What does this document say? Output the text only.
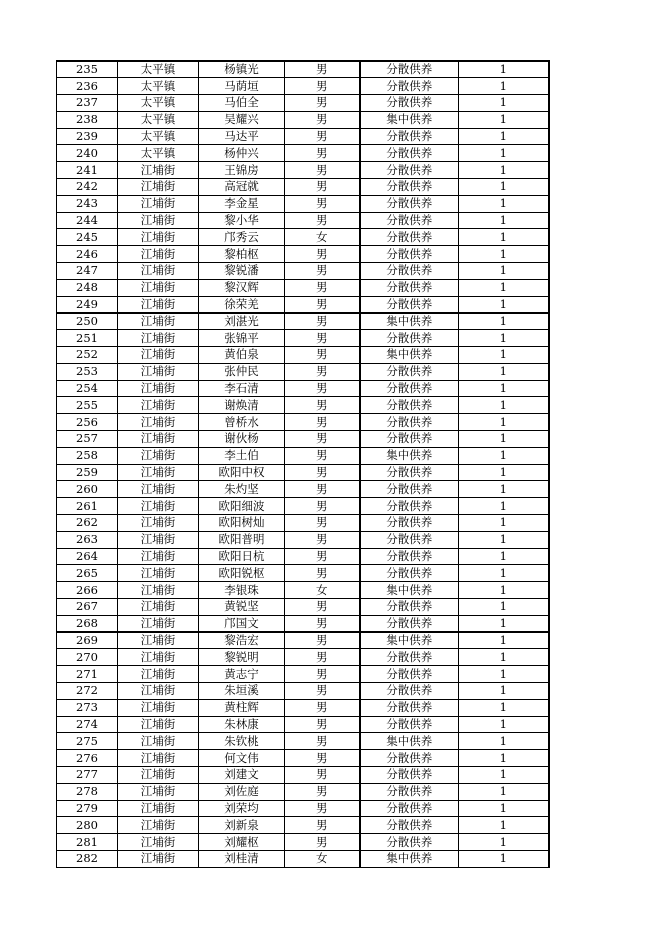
235	太平镇	杨镇光	男	分散供养	1
236	太平镇	马荫垣	男	分散供养	1
237	太平镇	马伯全	男	分散供养	1
238	太平镇	吴耀兴	男	集中供养	1
239	太平镇	马达平	男	分散供养	1
240	太平镇	杨仲兴	男	分散供养	1
241	江埔街	王锦房	男	分散供养	1
242	江埔街	高冠就	男	分散供养	1
243	江埔街	李金星	男	分散供养	1
244	江埔街	黎小华	男	分散供养	1
245	江埔街	邝秀云	女	分散供养	1
246	江埔街	黎柏枢	男	分散供养	1
247	江埔街	黎锐潘	男	分散供养	1
248	江埔街	黎汉辉	男	分散供养	1
249	江埔街	徐荣羌	男	分散供养	1
250	江埔街	刘湛光	男	集中供养	1
251	江埔街	张锦平	男	分散供养	1
252	江埔街	黄伯泉	男	集中供养	1
253	江埔街	张仲民	男	分散供养	1
254	江埔街	李石清	男	分散供养	1
255	江埔街	谢焕清	男	分散供养	1
256	江埔街	曾桥水	男	分散供养	1
257	江埔街	谢伙杨	男	分散供养	1
258	江埔街	李土伯	男	集中供养	1
259	江埔街	欧阳中权	男	分散供养	1
260	江埔街	朱灼坚	男	分散供养	1
261	江埔街	欧阳细波	男	分散供养	1
262	江埔街	欧阳树灿	男	分散供养	1
263	江埔街	欧阳普明	男	分散供养	1
264	江埔街	欧阳日杭	男	分散供养	1
265	江埔街	欧阳锐枢	男	分散供养	1
266	江埔街	李银珠	女	集中供养	1
267	江埔街	黄锐坚	男	分散供养	1
268	江埔街	邝国文	男	分散供养	1
269	江埔街	黎浩宏	男	集中供养	1
270	江埔街	黎锐明	男	分散供养	1
271	江埔街	黄志宁	男	分散供养	1
272	江埔街	朱垣溪	男	分散供养	1
273	江埔街	黄柱辉	男	分散供养	1
274	江埔街	朱林康	男	分散供养	1
275	江埔街	朱钦桃	男	集中供养	1
276	江埔街	何文伟	男	分散供养	1
277	江埔街	刘建文	男	分散供养	1
278	江埔街	刘佐庭	男	分散供养	1
279	江埔街	刘荣均	男	分散供养	1
280	江埔街	刘新泉	男	分散供养	1
281	江埔街	刘耀枢	男	分散供养	1
282	江埔街	刘桂清	女	集中供养	1
